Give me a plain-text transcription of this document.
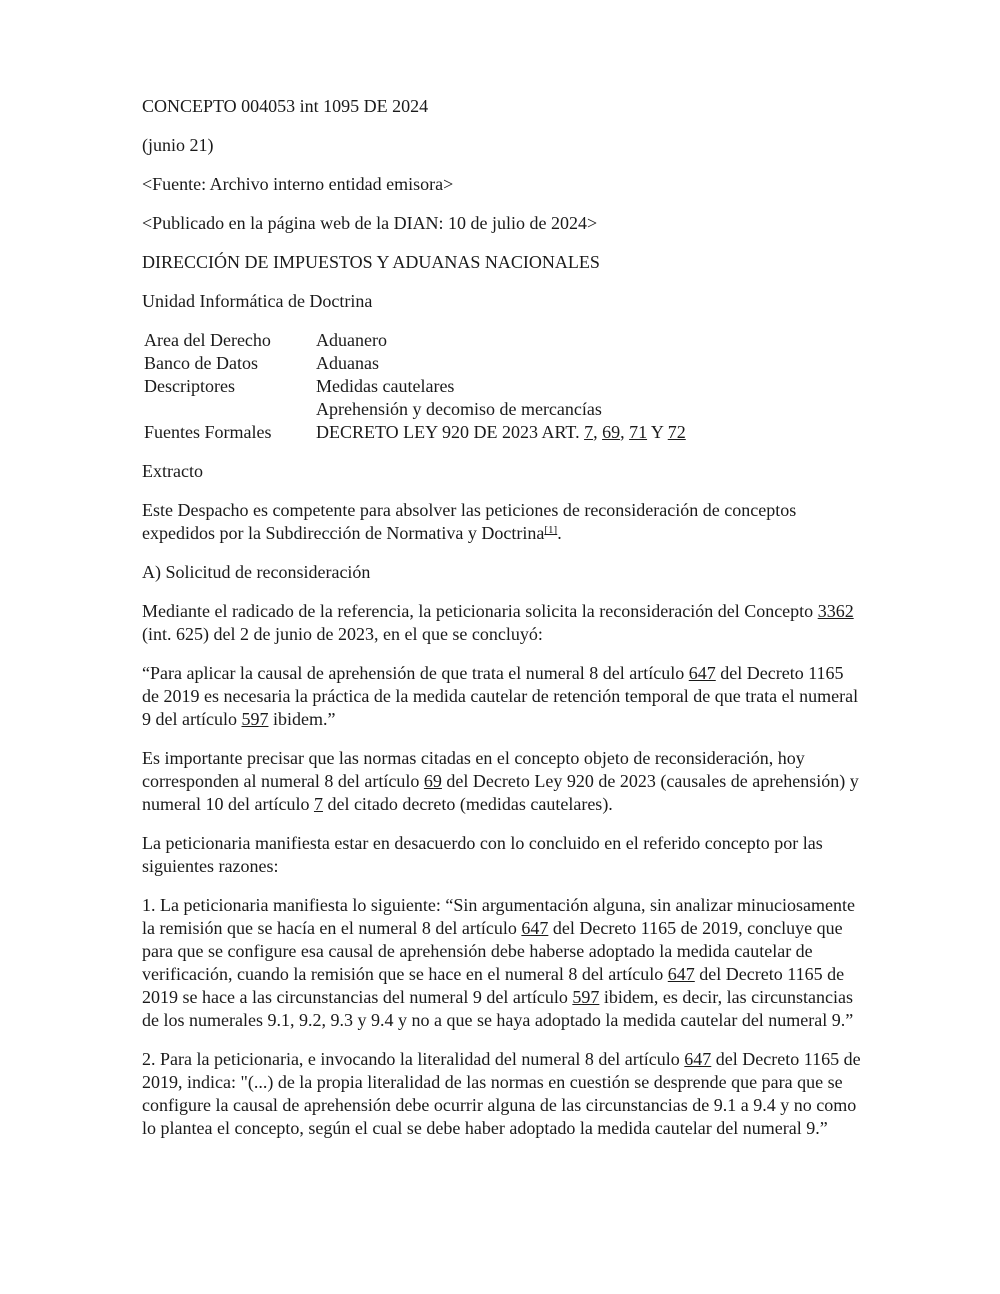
CONCEPTO 004053 int 1095 DE 2024

(junio 21)

<Fuente: Archivo interno entidad emisora>

<Publicado en la página web de la DIAN: 10 de julio de 2024>

DIRECCIÓN DE IMPUESTOS Y ADUANAS NACIONALES

Unidad Informática de Doctrina

Area del Derecho	Aduanero
Banco de Datos	Aduanas
Descriptores	Medidas cautelares
Aprehensión y decomiso de mercancías

Fuentes Formales	DECRETO LEY 920 DE 2023 ART. 7, 69, 71 Y 72

Extracto

Este Despacho es competente para absolver las peticiones de reconsideración de conceptos expedidos por la Subdirección de Normativa y Doctrina[1].

A) Solicitud de reconsideración

Mediante el radicado de la referencia, la peticionaria solicita la reconsideración del Concepto 3362 (int. 625) del 2 de junio de 2023, en el que se concluyó:

“Para aplicar la causal de aprehensión de que trata el numeral 8 del artículo 647 del Decreto 1165 de 2019 es necesaria la práctica de la medida cautelar de retención temporal de que trata el numeral 9 del artículo 597 ibidem.”

Es importante precisar que las normas citadas en el concepto objeto de reconsideración, hoy corresponden al numeral 8 del artículo 69 del Decreto Ley 920 de 2023 (causales de aprehensión) y numeral 10 del artículo 7 del citado decreto (medidas cautelares).

La peticionaria manifiesta estar en desacuerdo con lo concluido en el referido concepto por las siguientes razones:

1. La peticionaria manifiesta lo siguiente: “Sin argumentación alguna, sin analizar minuciosamente la remisión que se hacía en el numeral 8 del artículo 647 del Decreto 1165 de 2019, concluye que para que se configure esa causal de aprehensión debe haberse adoptado la medida cautelar de verificación, cuando la remisión que se hace en el numeral 8 del artículo 647 del Decreto 1165 de 2019 se hace a las circunstancias del numeral 9 del artículo 597 ibidem, es decir, las circunstancias de los numerales 9.1, 9.2, 9.3 y 9.4 y no a que se haya adoptado la medida cautelar del numeral 9.”

2. Para la peticionaria, e invocando la literalidad del numeral 8 del artículo 647 del Decreto 1165 de 2019, indica: "(...) de la propia literalidad de las normas en cuestión se desprende que para que se configure la causal de aprehensión debe ocurrir alguna de las circunstancias de 9.1 a 9.4 y no como lo plantea el concepto, según el cual se debe haber adoptado la medida cautelar del numeral 9.”
